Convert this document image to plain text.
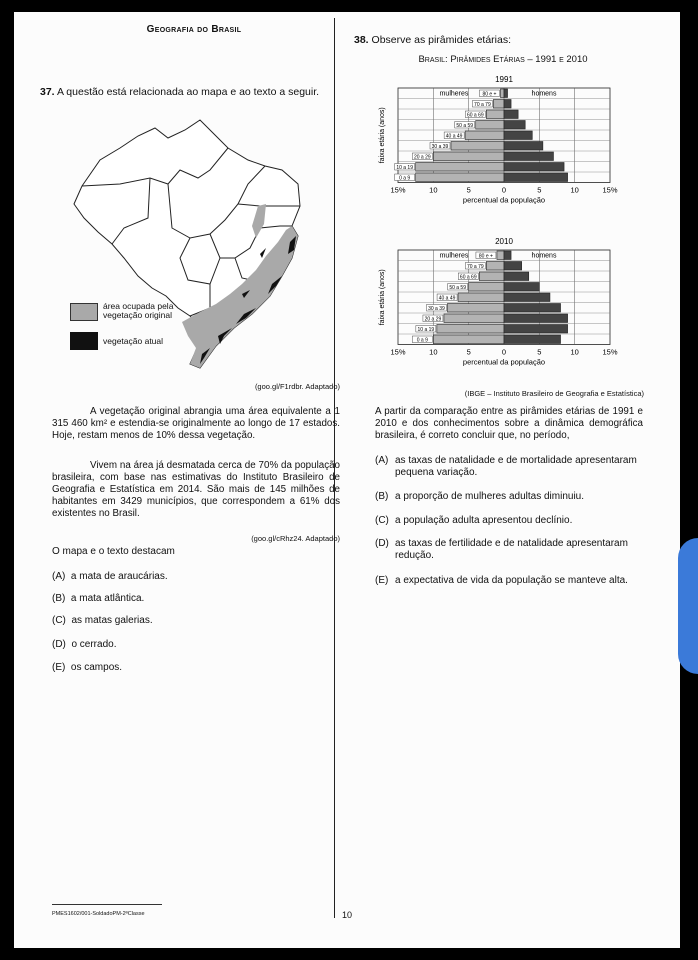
Geografia do Brasil
37. A questão está relacionada ao mapa e ao texto a seguir.
área ocupada pela vegetação original
vegetação atual
(goo.gl/F1rdbr. Adaptado)

A vegetação original abrangia uma área equivalente a 1 315 460 km² e estendia-se originalmente ao longo de 17 estados. Hoje, restam menos de 10% dessa vegetação.

Vivem na área já desmatada cerca de 70% da população brasileira, com base nas estimativas do Instituto Brasileiro de Geografia e Estatística em 2014. São mais de 145 milhões de habitantes em 3429 municípios, que correspondem a 61% dos existentes no Brasil.

(goo.gl/cRhz24. Adaptado)
O mapa e o texto destacam
(A) a mata de araucárias.
(B) a mata atlântica.
(C) as matas galerias.
(D) o cerrado.
(E) os campos.
38. Observe as pirâmides etárias:
Brasil: Pirâmides Etárias – 1991 e 2010
1991
0 a 9
10 a 19
20 a 29
30 a 39
40 a 49
50 a 59
60 a 69
70 a 79
80 e +
mulheres	homens
15%	10	5	0	5	10	15%
percentual da população
faixa etária (anos)
2010
0 a 9
10 a 19
20 a 29
30 a 39
40 a 49
50 a 59
60 a 69
70 a 79
80 e +
mulheres	homens
15%	10	5	0	5	10	15%
percentual da população
faixa etária (anos)
(IBGE – Instituto Brasileiro de Geografia e Estatística)

A partir da comparação entre as pirâmides etárias de 1991 e 2010 e dos conhecimentos sobre a dinâmica demográfica brasileira, é correto concluir que, no período,

(A) as taxas de natalidade e de mortalidade apresentaram pequena variação.
(B) a proporção de mulheres adultas diminuiu.
(C) a população adulta apresentou declínio.
(D) as taxas de fertilidade e de natalidade apresentaram redução.
(E) a expectativa de vida da população se manteve alta.
PMES1602/001-SoldadoPM-2ªClasse	10
